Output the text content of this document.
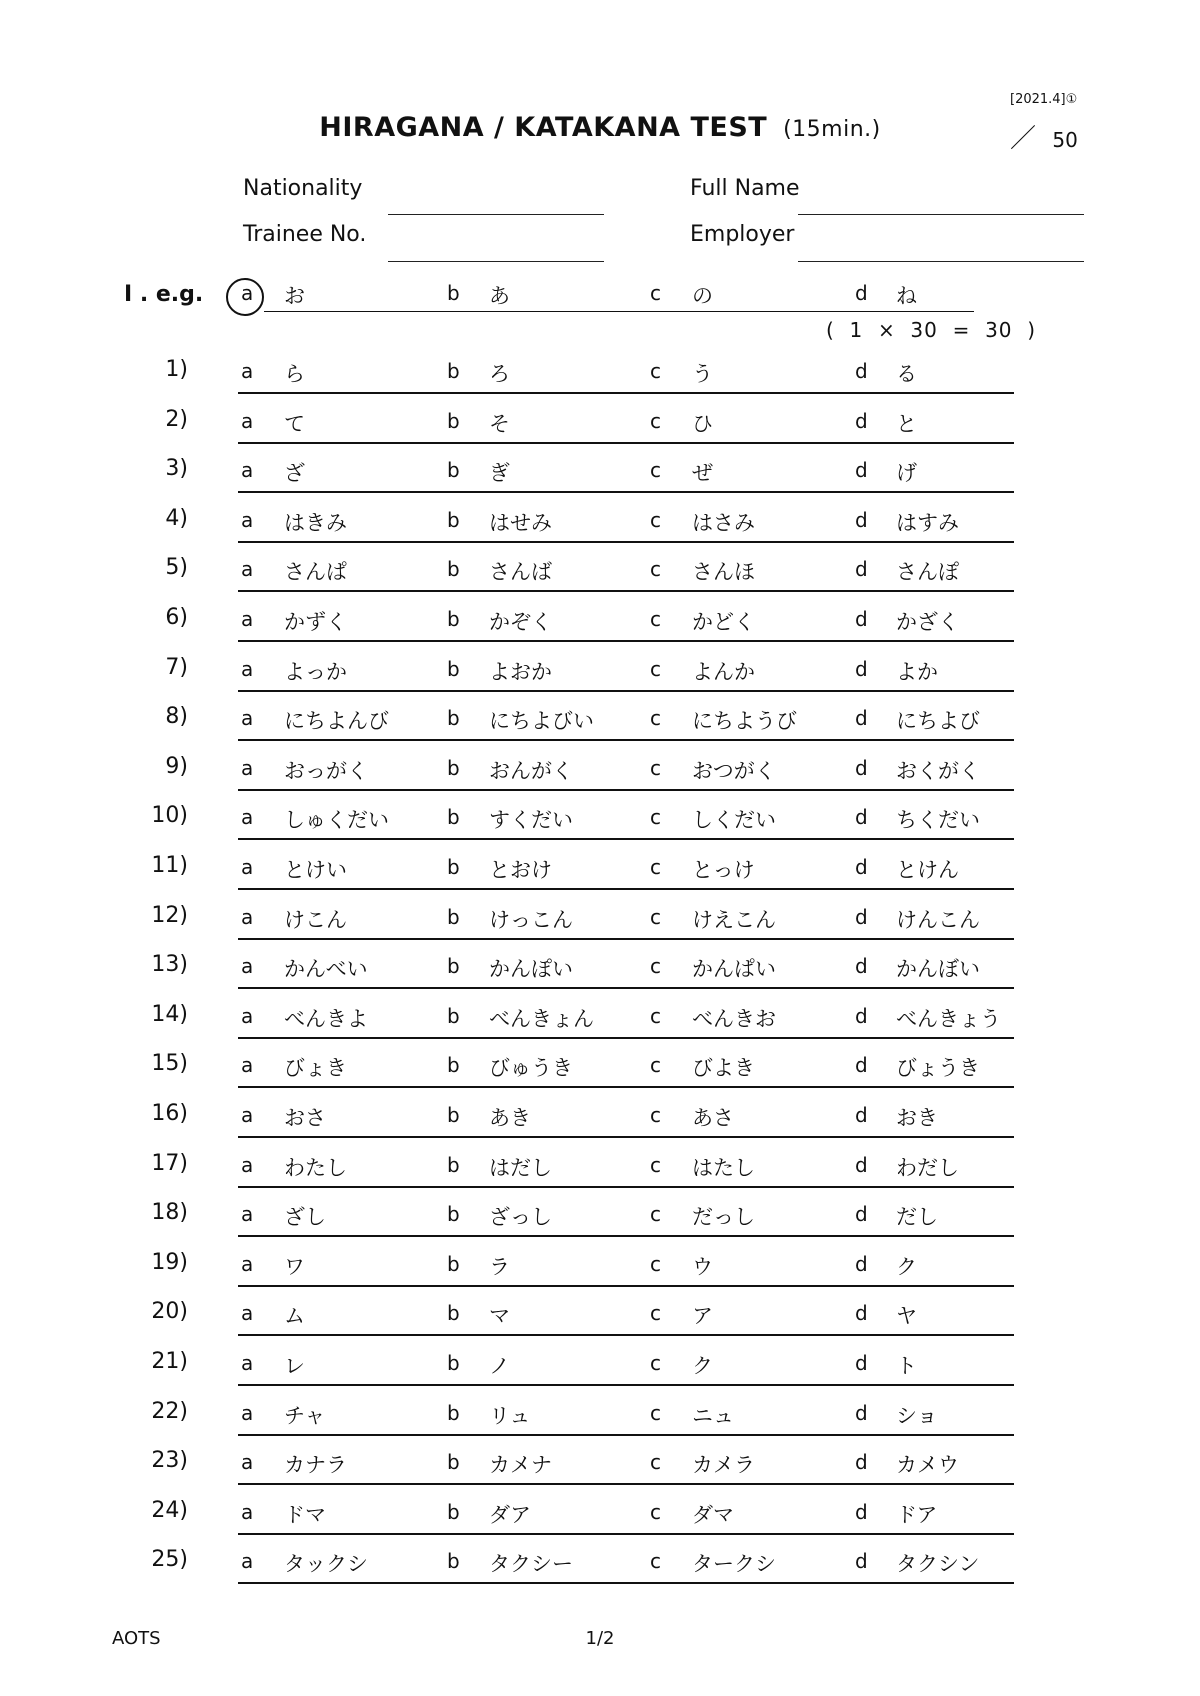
[2021.4]①
HIRAGANA / KATAKANA TEST (15min.)	／ 50
Nationality	Full Name
Trainee No.	Employer
I . e.g. a お	b あ	c の	d ね
(  1  ×  30  =  30  )
1)	a ら	b ろ	c う	d る
2)	a て	b そ	c ひ	d と
3)	a ざ	b ぎ	c ぜ	d げ
4)	a はきみ	b はせみ	c はさみ	d はすみ
5)	a さんぱ	b さんば	c さんほ	d さんぽ
6)	a かずく	b かぞく	c かどく	d かざく
7)	a よっか	b よおか	c よんか	d よか
8)	a にちよんび	b にちよびい	c にちようび	d にちよび
9)	a おっがく	b おんがく	c おつがく	d おくがく
10)	a しゅくだい	b すくだい	c しくだい	d ちくだい
11)	a とけい	b とおけ	c とっけ	d とけん
12)	a けこん	b けっこん	c けえこん	d けんこん
13)	a かんべい	b かんぽい	c かんぱい	d かんぼい
14)	a べんきよ	b べんきょん	c べんきお	d べんきょう
15)	a びょき	b びゅうき	c びよき	d びょうき
16)	a おさ	b あき	c あさ	d おき
17)	a わたし	b はだし	c はたし	d わだし
18)	a ざし	b ざっし	c だっし	d だし
19)	a ワ	b ラ	c ウ	d ク
20)	a ム	b マ	c ア	d ヤ
21)	a レ	b ノ	c ク	d ト
22)	a チャ	b リュ	c ニュ	d ショ
23)	a カナラ	b カメナ	c カメラ	d カメウ
24)	a ドマ	b ダア	c ダマ	d ドア
25)	a タックシ	b タクシー	c タークシ	d タクシン
AOTS	1/2
